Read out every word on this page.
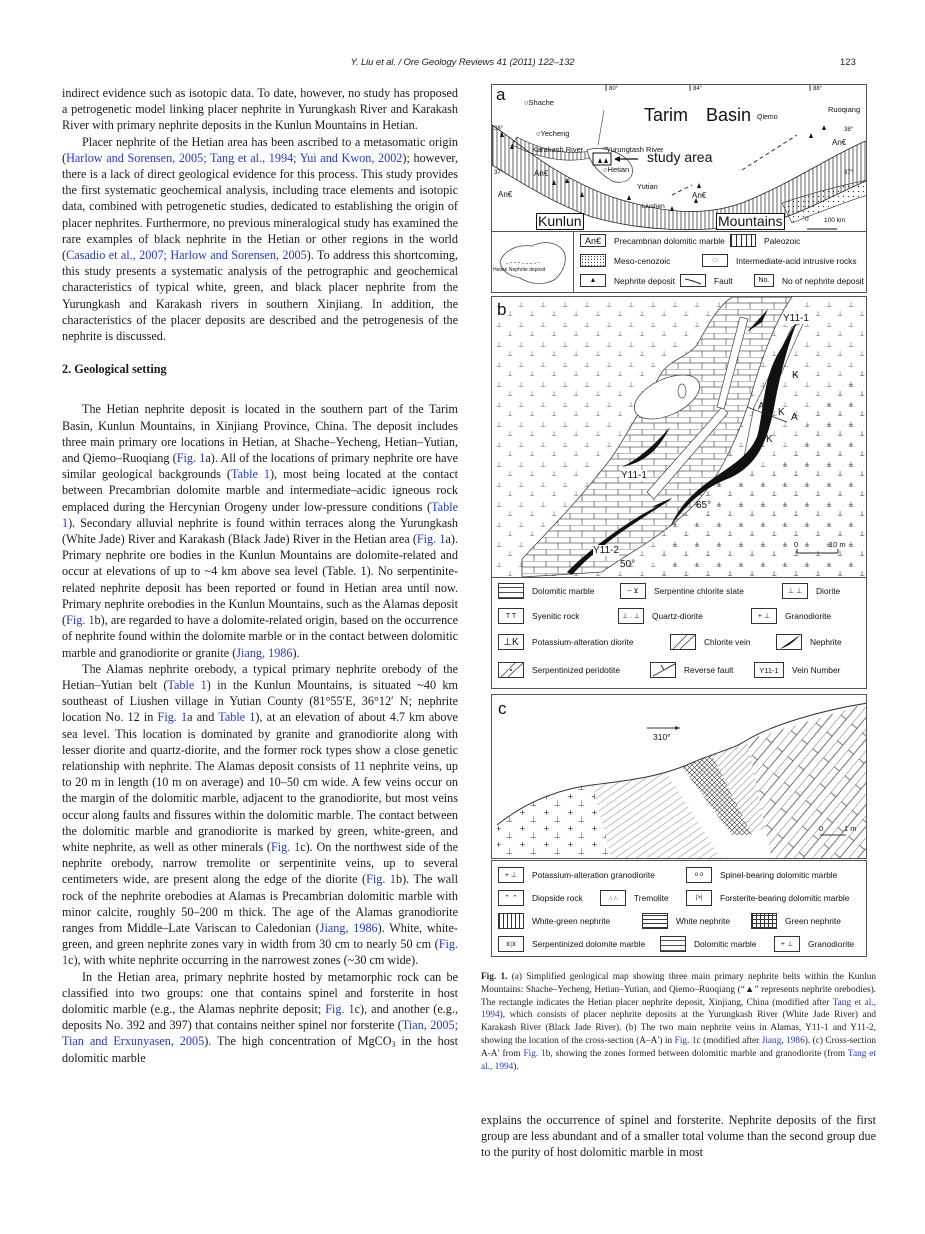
Y. Liu et al. / Ore Geology Reviews 41 (2011) 122–132	123

indirect evidence such as isotopic data. To date, however, no study has proposed a petrogenetic model linking placer nephrite in Yurungkash River and Karakash River with primary nephrite deposits in the Kunlun Mountains in Hetian.

Placer nephrite of the Hetian area has been ascribed to a metasomatic origin (Harlow and Sorensen, 2005; Tang et al., 1994; Yui and Kwon, 2002); however, there is a lack of direct geological evidence for this process. This study provides the first systematic geochemical analysis, including trace elements and isotopic data, combined with petrogenetic studies, dedicated to establishing the origin of placer nephrites. Furthermore, no previous mineralogical study has examined the rare examples of black nephrite in the Hetian or other regions in the world (Casadio et al., 2007; Harlow and Sorensen, 2005). To address this shortcoming, this study presents a systematic analysis of the petrographic and geochemical characteristics of typical white, green, and black placer nephrite from the Yurungkash and Karakash rivers in southern Xinjiang. In addition, the characteristics of the placer deposits are described and the petrogenesis of the nephrite is discussed.

2. Geological setting

The Hetian nephrite deposit is located in the southern part of the Tarim Basin, Kunlun Mountains, in Xinjiang Province, China. The deposit includes three main primary ore locations in Hetian, at Shache–Yecheng, Hetian–Yutian, and Qiemo–Ruoqiang (Fig. 1a). All of the locations of primary nephrite ore have similar geological backgrounds (Table 1), most being located at the contact between Precambrian dolomite marble and intermediate–acidic igneous rock emplaced during the Hercynian Orogeny under low-pressure conditions (Table 1). Secondary alluvial nephrite is found within terraces along the Yurungkash (White Jade) River and Karakash (Black Jade) River in the Hetian area (Fig. 1a). Primary nephrite ore bodies in the Kunlun Mountains are dolomite-related and occur at elevations of up to ~4 km above sea level (Table. 1). No serpentinite-related nephrite deposit has been reported or found in Hetian area until now. Primary nephrite orebodies in the Kunlun Mountains, such as the Alamas deposit (Fig. 1b), are regarded to have a dolomite-related origin, based on the occurrence of nephrite found within the dolomite marble or in the contact between dolomitic marble and granodiorite or granite (Jiang, 1986).

The Alamas nephrite orebody, a typical primary nephrite orebody of the Hetian–Yutian belt (Table 1) in the Kunlun Mountains, is situated ~40 km southeast of Liushen village in Yutian County (81°55′E, 36°12′ N; nephrite location No. 12 in Fig. 1a and Table 1), at an elevation of about 4.7 km above sea level. This location is dominated by granite and granodiorite along with lesser diorite and quartz-diorite, and the former rock types show a close genetic relationship with nephrite. The Alamas deposit consists of 11 nephrite veins, up to 20 m in length (10 m on average) and 10–50 cm wide. A few veins occur on the margin of the dolomitic marble, adjacent to the granodiorite, but most veins occur along faults and fissures within the dolomitic marble. The contact between the dolomitic marble and granodiorite is marked by green, white-green, and white nephrite, as well as other minerals (Fig. 1c). On the northwest side of the nephrite orebody, narrow tremolite or serpentinite veins, up to several centimeters wide, are present along the edge of the diorite (Fig. 1b). The wall rock of the nephrite orebodies at Alamas is Precambrian dolomitic marble with minor calcite, roughly 50–200 m thick. The age of the Alamas granodiorite ranges from Middle–Late Variscan to Caledonian (Jiang, 1986). White, white-green, and green nephrite zones vary in width from 30 cm to nearly 50 cm (Fig. 1c), with white nephrite occurring in the narrowest zones (~30 cm wide).

In the Hetian area, primary nephrite hosted by metamorphic rock can be classified into two groups: one that contains spinel and forsterite in host dolomitic marble (e.g., the Alamas nephrite deposit; Fig. 1c), and another (e.g., deposits No. 392 and 397) that contains neither spinel nor forsterite (Tian, 2005; Tian and Erxunyasen, 2005). The high concentration of MgCO$_3$ in the host dolomitic marble

a	80°	84°	88°
38°
37°
38°
37°
○Shache
○Yecheng
○Hetian
Yutian
Liushen
Qiemo
Ruoqiang
Karakash River	Yurungtash River
Tarim Basin
study area
An€
An€	An€
An€
Kunlun	Mountains	0 100 km
Hetian Nephrite deposit
An€	Precambrian dolomitic marble	Paleozoic
Meso-cenozoic	·:·	Intermediate-acid intrusive rocks
▲	Nephrite deposit	Fault	No.	No of nephrite deposit
b	Y11-1
Y11-1
Y11-2
A
A'
K
K
K
65°
50°
0	10 m
Dolomitic marble	~ ⊻	Serpentine chlorite slate	⊥ ⊥	Diorite
T T	Syenitic rock	⊥ . ⊥	Quartz-diorite	+ ⊥	Granodiorite
⊥K	Potassium-alteration diorite	Chlorite vein	Nephrite
Serpentinized peridotite	Reverse fault	Y11-1	Vein Number
c
310°
0	1 m
+ ⊥	Potassium-alteration granodiorite	o o	Spinel-bearing dolomitic marble
⌃ ⌃	Diopside rock	∴ ∴	Tremolite	|>|	Forsterite-bearing dolomitic marble
White-green nephrite	White nephrite	Green nephrite
⊻|⊻	Serpentinized dolomite marble	Dolomitic marble	+ ⊥	Granodiorite
Fig. 1. (a) Simplified geological map showing three main primary nephrite belts within the Kunlun Mountains: Shache–Yecheng, Hetian–Yutian, and Qiemo–Ruoqiang (“▲” represents nephrite orebodies). The rectangle indicates the Hetian placer nephrite deposit, Xinjiang, China (modified after Tang et al., 1994), which consists of placer nephrite deposits at the Yurungkash River (White Jade River) and Karakash River (Black Jade River). (b) The two main nephrite veins in Alamas, Y11-1 and Y11-2, showing the location of the cross-section (A–A′) in Fig. 1c (modified after Jiang, 1986). (c) Cross-section A-A′ from Fig. 1b, showing the zones formed between dolomitic marble and granodiorite (from Tang et al., 1994).

explains the occurrence of spinel and forsterite. Nephrite deposits of the first group are less abundant and of a smaller total volume than the second group due to the purity of host dolomitic marble in most
